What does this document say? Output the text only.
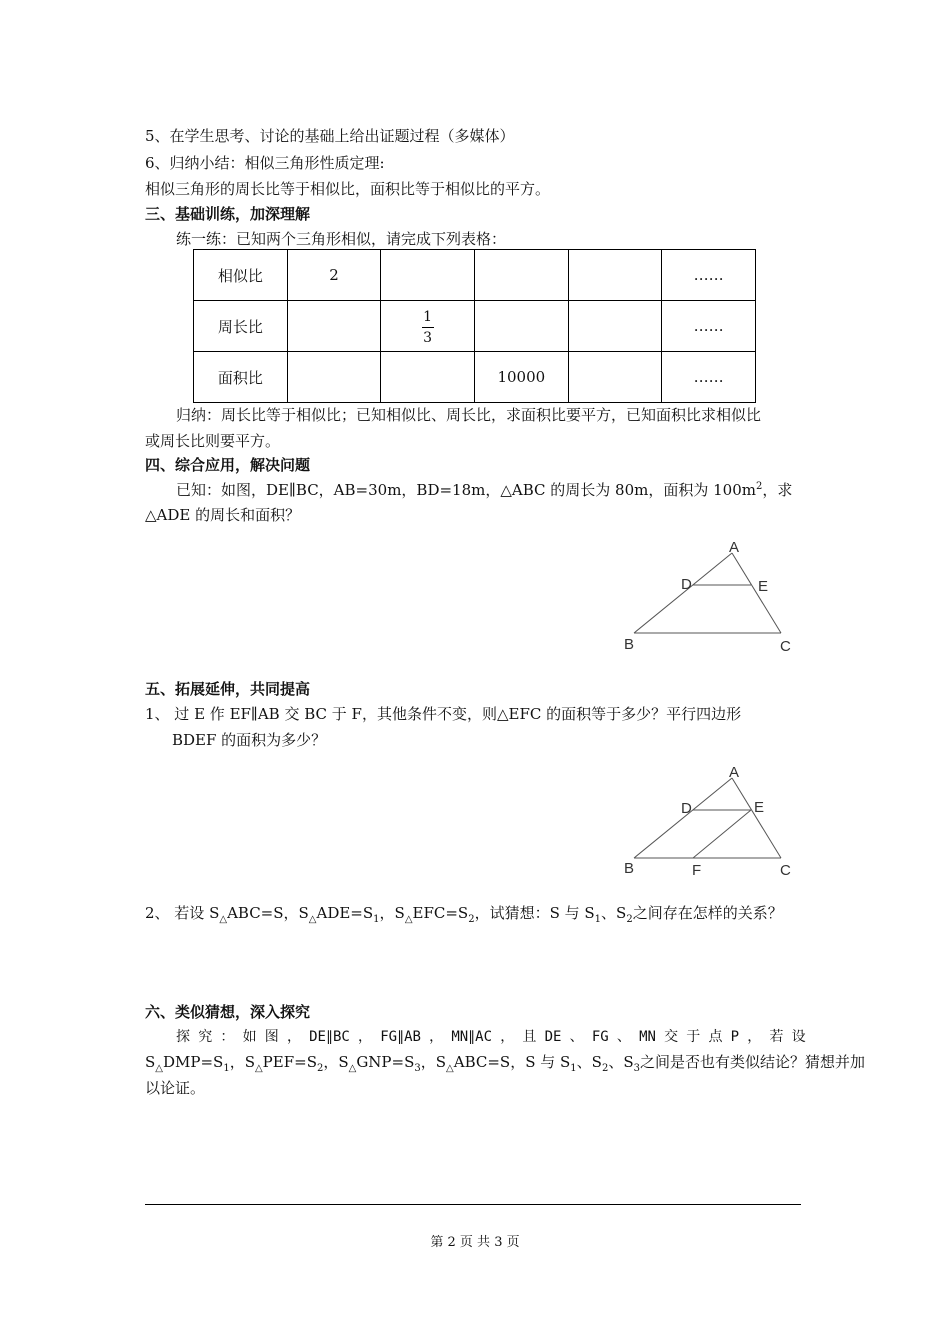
5、在学生思考、讨论的基础上给出证题过程（多媒体）
6、归纳小结：相似三角形性质定理:
相似三角形的周长比等于相似比，面积比等于相似比的平方。
三、基础训练，加深理解
练一练：已知两个三角形相似，请完成下列表格：
相似比	2				……
周长比		$\frac{1}{3}$			……
面积比			10000		……
归纳：周长比等于相似比；已知相似比、周长比，求面积比要平方，已知面积比求相似比
或周长比则要平方。
四、综合应用，解决问题
已知：如图，DE∥BC，AB=30m，BD=18m，△ABC 的周长为 80m，面积为 $100m^2$，求
△ADE 的周长和面积？
A
D	E
B	C
五、拓展延伸，共同提高
1、 过 E 作 EF∥AB 交 BC 于 F，其他条件不变，则△EFC 的面积等于多少？平行四边形
BDEF 的面积为多少？
A
D	E
B	F	C
2、 若设 $S_\triangle ABC=S$，$S_\triangle ADE=S_1$，$S_\triangle EFC=S_2$，试猜想：S 与 $S_1$、$S_2$之间存在怎样的关系？
六、类似猜想，深入探究
探 究 ： 如 图 ， DE∥BC ， FG∥AB ， MN∥AC ， 且 DE 、 FG 、 MN 交 于 点 P ， 若 设
$S_\triangle DMP=S_1$，$S_\triangle PEF=S_2$，$S_\triangle GNP=S_3$，$S_\triangle ABC=S$，S 与 $S_1$、$S_2$、$S_3$之间是否也有类似结论？猜想并加
以论证。
第 2 页 共 3 页
